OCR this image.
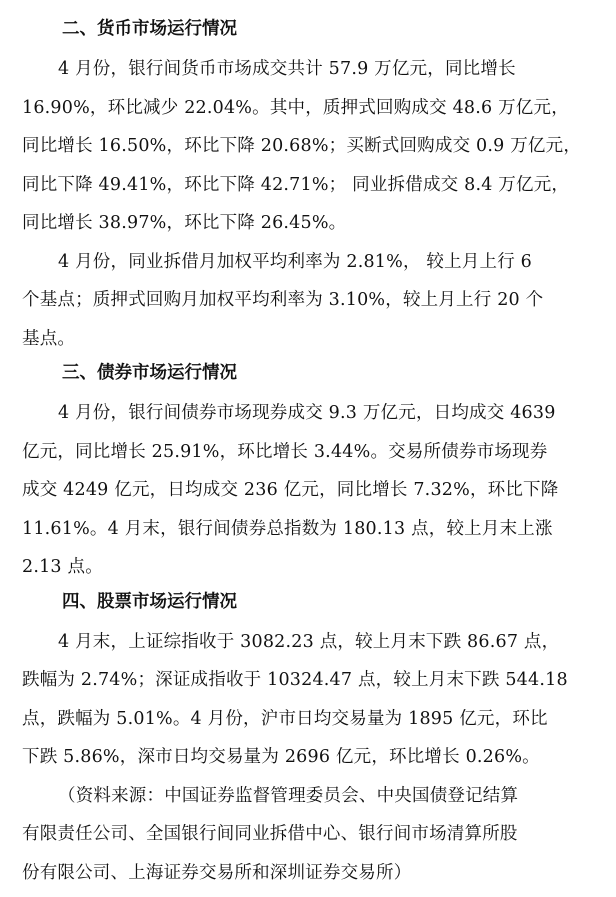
二、货币市场运行情况
4 月份，银行间货币市场成交共计 57.9 万亿元，同比增长
16.90%，环比减少 22.04%。其中，质押式回购成交 48.6 万亿元，
同比增长 16.50%，环比下降 20.68%；买断式回购成交 0.9 万亿元，
同比下降 49.41%，环比下降 42.71%； 同业拆借成交 8.4 万亿元，
同比增长 38.97%，环比下降 26.45%。
4 月份，同业拆借月加权平均利率为 2.81%， 较上月上行 6
个基点；质押式回购月加权平均利率为 3.10%，较上月上行 20 个
基点。
三、债券市场运行情况
4 月份，银行间债券市场现券成交 9.3 万亿元，日均成交 4639
亿元，同比增长 25.91%，环比增长 3.44%。交易所债券市场现券
成交 4249 亿元，日均成交 236 亿元，同比增长 7.32%，环比下降
11.61%。4 月末，银行间债券总指数为 180.13 点，较上月末上涨
2.13 点。
四、股票市场运行情况
4 月末，上证综指收于 3082.23 点，较上月末下跌 86.67 点，
跌幅为 2.74%；深证成指收于 10324.47 点，较上月末下跌 544.18
点，跌幅为 5.01%。4 月份，沪市日均交易量为 1895 亿元，环比
下跌 5.86%，深市日均交易量为 2696 亿元，环比增长 0.26%。
（资料来源：中国证券监督管理委员会、中央国债登记结算
有限责任公司、全国银行间同业拆借中心、银行间市场清算所股
份有限公司、上海证券交易所和深圳证券交易所）
